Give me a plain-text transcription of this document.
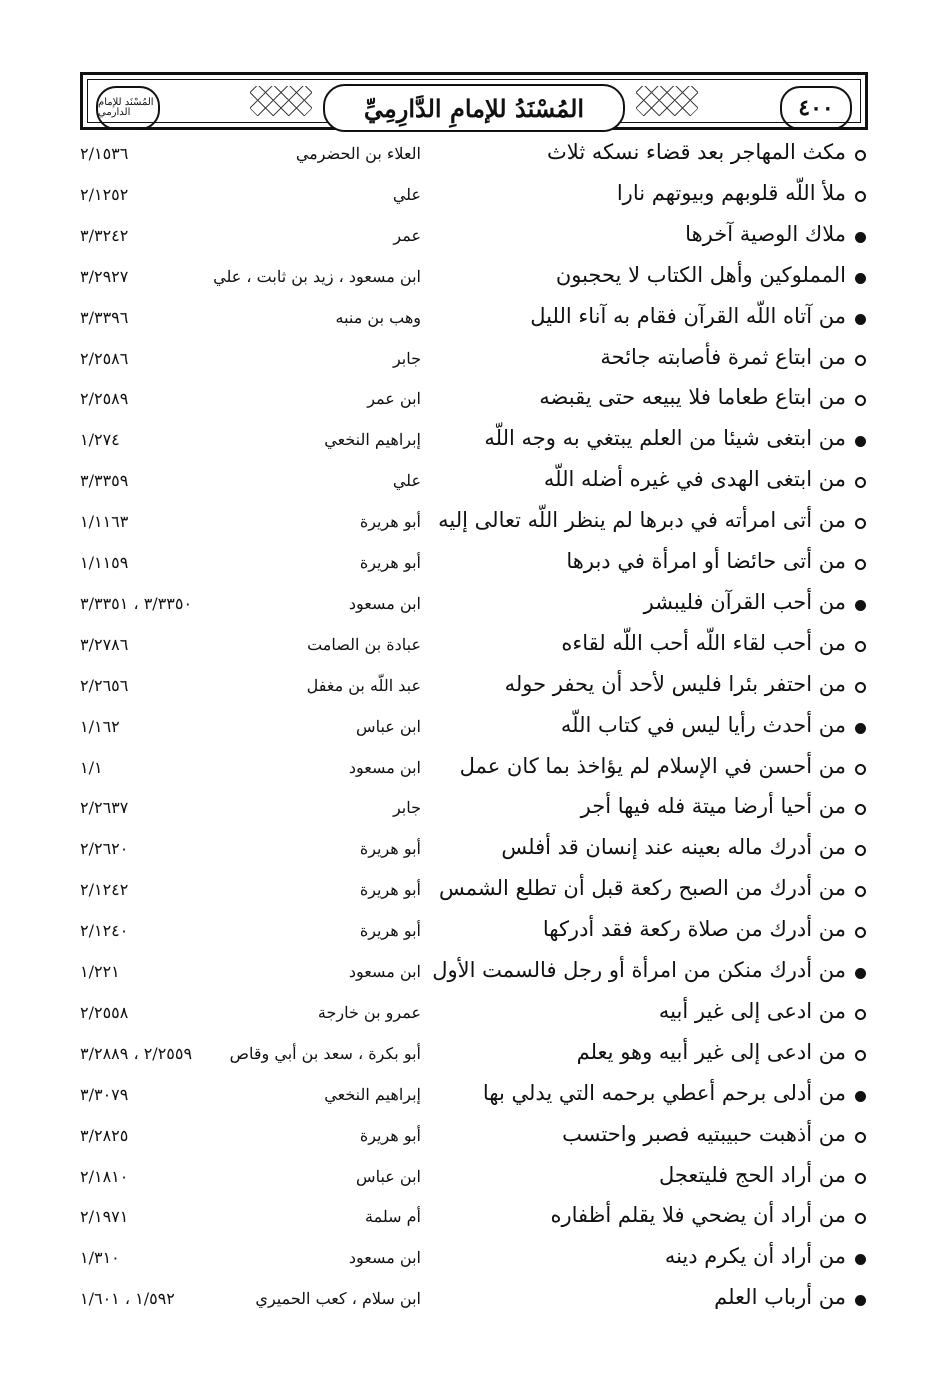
المُسْنَد للإمام الدارمي	المُسْنَدُ للإمامِ الدَّارِمِيِّ	٤٠٠
مكث المهاجر بعد قضاء نسكه ثلاث
العلاء بن الحضرمي
٢/١٥٣٦
ملأ اللّه قلوبهم وبيوتهم نارا
علي
٢/١٢٥٢
ملاك الوصية آخرها
عمر
٣/٣٢٤٢
المملوكين وأهل الكتاب لا يحجبون
ابن مسعود ، زيد بن ثابت ، علي
٣/٢٩٢٧
من آتاه اللّه القرآن فقام به آناء الليل
وهب بن منبه
٣/٣٣٩٦
من ابتاع ثمرة فأصابته جائحة
جابر
٢/٢٥٨٦
من ابتاع طعاما فلا يبيعه حتى يقبضه
ابن عمر
٢/٢٥٨٩
من ابتغى شيئا من العلم يبتغي به وجه اللّه
إبراهيم النخعي
١/٢٧٤
من ابتغى الهدى في غيره أضله اللّه
علي
٣/٣٣٥٩
من أتى امرأته في دبرها لم ينظر اللّه تعالى إليه
أبو هريرة
١/١١٦٣
من أتى حائضا أو امرأة في دبرها
أبو هريرة
١/١١٥٩
من أحب القرآن فليبشر
ابن مسعود
٣/٣٣٥٠ ، ٣/٣٣٥١
من أحب لقاء اللّه أحب اللّه لقاءه
عبادة بن الصامت
٣/٢٧٨٦
من احتفر بئرا فليس لأحد أن يحفر حوله
عبد اللّه بن مغفل
٢/٢٦٥٦
من أحدث رأيا ليس في كتاب اللّه
ابن عباس
١/١٦٢
من أحسن في الإسلام لم يؤاخذ بما كان عمل
ابن مسعود
١/١
من أحيا أرضا ميتة فله فيها أجر
جابر
٢/٢٦٣٧
من أدرك ماله بعينه عند إنسان قد أفلس
أبو هريرة
٢/٢٦٢٠
من أدرك من الصبح ركعة قبل أن تطلع الشمس
أبو هريرة
٢/١٢٤٢
من أدرك من صلاة ركعة فقد أدركها
أبو هريرة
٢/١٢٤٠
من أدرك منكن من امرأة أو رجل فالسمت الأول
ابن مسعود
١/٢٢١
من ادعى إلى غير أبيه
عمرو بن خارجة
٢/٢٥٥٨
من ادعى إلى غير أبيه وهو يعلم
أبو بكرة ، سعد بن أبي وقاص
٢/٢٥٥٩ ، ٣/٢٨٨٩
من أدلى برحم أعطي برحمه التي يدلي بها
إبراهيم النخعي
٣/٣٠٧٩
من أذهبت حبيبتيه فصبر واحتسب
أبو هريرة
٣/٢٨٢٥
من أراد الحج فليتعجل
ابن عباس
٢/١٨١٠
من أراد أن يضحي فلا يقلم أظفاره
أم سلمة
٢/١٩٧١
من أراد أن يكرم دينه
ابن مسعود
١/٣١٠
من أرباب العلم
ابن سلام ، كعب الحميري
١/٥٩٢ ، ١/٦٠١
